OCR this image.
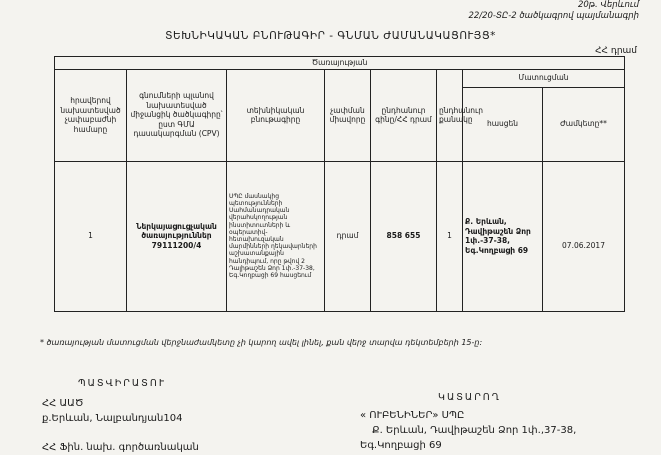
20թ. Վերևում
22/20-ՏԸ-2 ծածկագրով պայմանագրի
ՏԵԽՆԻԿԱԿԱՆ ԲՆՈՒԹԱԳԻՐ - ԳՆՄԱՆ ԺԱՄԱՆԱԿԱՑՈՒՅՑ*
ՀՀ դրամ
Ծառայության							
հրավերով նախատեսված չափաբաժնի համարը	գնումների պլանով նախատեսված միջանցիկ ծածկագիրը՝ ըստ ԳՄԱ դասակարգման (CPV)	տեխնիկական բնութագիրը	չափման միավորը	ընդհանուր գինը/ՀՀ դրամ	ընդհանուր քանակը	Մատուցման	
						հասցեն	Ժամկետը**
1	Ներկայացուցչական ծառայություններ 79111200/4	ՍՊԸ մասնակից պետությունների Սահմանադրական վերահսկողության ինստիտուտների և օպերատիվ-հետախուզական մարմինների ղեկավարների աշխատանքային հանդիպում, որը թվով 2 Դալիթաշեն Ձոր 1փ.-37-38, Եգ.Կողբացի 69 հասցեում	դրամ	858 655	1	Ք. Երևան, Դավիթաշեն Ձոր 1փ.-37-38, Եգ.Կողբացի 69	07.06.2017
* ծառայության մատուցման վերջնաժամկետը չի կարող ավել լինել, քան վերջ տարվա դեկտեմբերի 15-ը:
ՊԱՏՎԻՐԱՏՈՒ
ԿԱՏԱՐՈՂ
ՀՀ ԱԱԾ
ք.Երևան, Նալբանդյան104
ՀՀ Ֆին. նախ. գործառնական
« ՈՒԲԵՆԻՆԵՐ» ՍՊԸ
Ք. Երևան, Դավիթաշեն Ձոր 1փ.,37-38,
Եգ.Կողբացի 69
